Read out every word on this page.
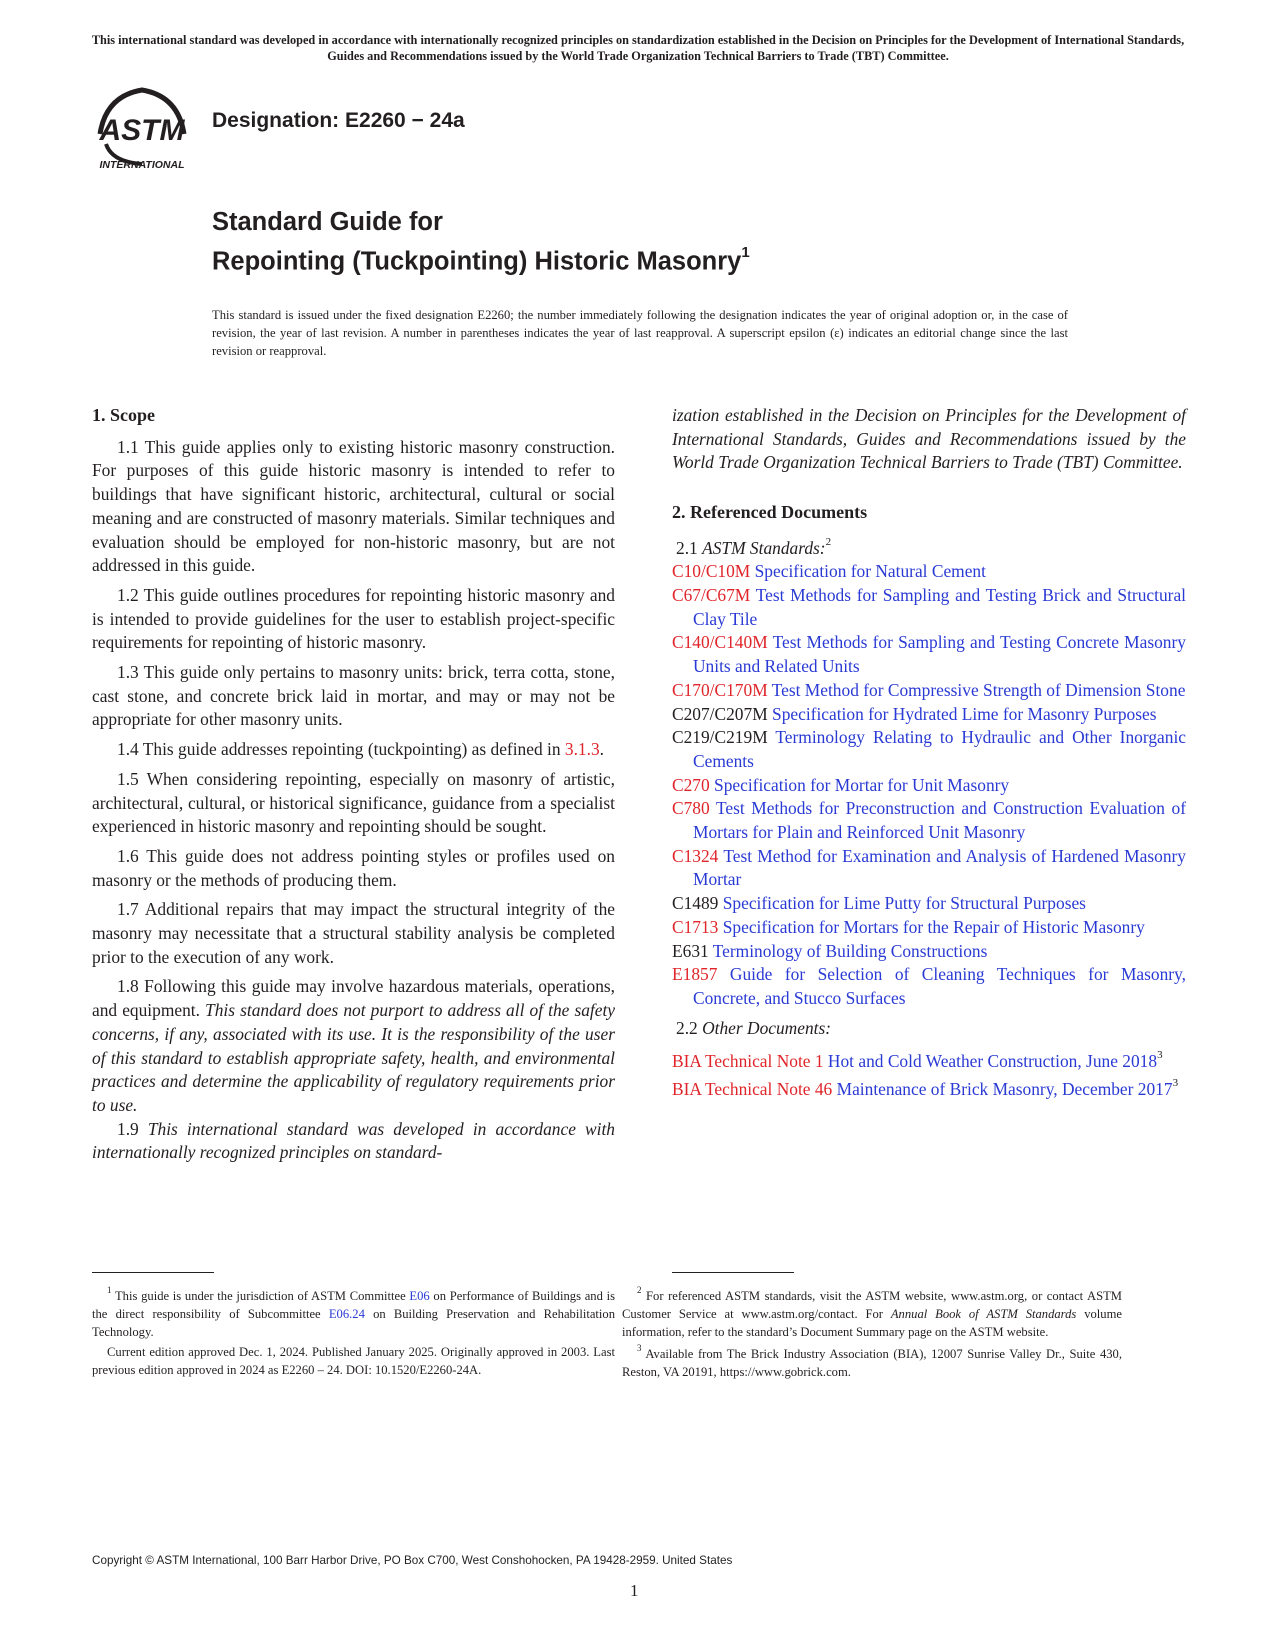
This international standard was developed in accordance with internationally recognized principles on standardization established in the Decision on Principles for the Development of International Standards, Guides and Recommendations issued by the World Trade Organization Technical Barriers to Trade (TBT) Committee.
ASTM
INTERNATIONAL
Designation: E2260 − 24a
Standard Guide for
Repointing (Tuckpointing) Historic Masonry$^1$
This standard is issued under the fixed designation E2260; the number immediately following the designation indicates the year of original adoption or, in the case of revision, the year of last revision. A number in parentheses indicates the year of last reapproval. A superscript epsilon (ε) indicates an editorial change since the last revision or reapproval.
1. Scope

1.1 This guide applies only to existing historic masonry construction. For purposes of this guide historic masonry is intended to refer to buildings that have significant historic, architectural, cultural or social meaning and are constructed of masonry materials. Similar techniques and evaluation should be employed for non-historic masonry, but are not addressed in this guide.

1.2 This guide outlines procedures for repointing historic masonry and is intended to provide guidelines for the user to establish project-specific requirements for repointing of historic masonry.

1.3 This guide only pertains to masonry units: brick, terra cotta, stone, cast stone, and concrete brick laid in mortar, and may or may not be appropriate for other masonry units.

1.4 This guide addresses repointing (tuckpointing) as defined in 3.1.3.

1.5 When considering repointing, especially on masonry of artistic, architectural, cultural, or historical significance, guidance from a specialist experienced in historic masonry and repointing should be sought.

1.6 This guide does not address pointing styles or profiles used on masonry or the methods of producing them.

1.7 Additional repairs that may impact the structural integrity of the masonry may necessitate that a structural stability analysis be completed prior to the execution of any work.

1.8 Following this guide may involve hazardous materials, operations, and equipment. This standard does not purport to address all of the safety concerns, if any, associated with its use. It is the responsibility of the user of this standard to establish appropriate safety, health, and environmental practices and determine the applicability of regulatory requirements prior to use.

1.9 This international standard was developed in accordance with internationally recognized principles on standard-

ization established in the Decision on Principles for the Development of International Standards, Guides and Recommendations issued by the World Trade Organization Technical Barriers to Trade (TBT) Committee.

2. Referenced Documents

2.1 ASTM Standards:$^2$

C10/C10M Specification for Natural Cement

C67/C67M Test Methods for Sampling and Testing Brick and Structural Clay Tile

C140/C140M Test Methods for Sampling and Testing Concrete Masonry Units and Related Units

C170/C170M Test Method for Compressive Strength of Dimension Stone

C207/C207M Specification for Hydrated Lime for Masonry Purposes

C219/C219M Terminology Relating to Hydraulic and Other Inorganic Cements

C270 Specification for Mortar for Unit Masonry

C780 Test Methods for Preconstruction and Construction Evaluation of Mortars for Plain and Reinforced Unit Masonry

C1324 Test Method for Examination and Analysis of Hardened Masonry Mortar

C1489 Specification for Lime Putty for Structural Purposes

C1713 Specification for Mortars for the Repair of Historic Masonry

E631 Terminology of Building Constructions

E1857 Guide for Selection of Cleaning Techniques for Masonry, Concrete, and Stucco Surfaces

2.2 Other Documents:

BIA Technical Note 1 Hot and Cold Weather Construction, June 2018$^3$

BIA Technical Note 46 Maintenance of Brick Masonry, December 2017$^3$

$^1$ This guide is under the jurisdiction of ASTM Committee E06 on Performance of Buildings and is the direct responsibility of Subcommittee E06.24 on Building Preservation and Rehabilitation Technology.

Current edition approved Dec. 1, 2024. Published January 2025. Originally approved in 2003. Last previous edition approved in 2024 as E2260 – 24. DOI: 10.1520/E2260-24A.

$^2$ For referenced ASTM standards, visit the ASTM website, www.astm.org, or contact ASTM Customer Service at www.astm.org/contact. For Annual Book of ASTM Standards volume information, refer to the standard’s Document Summary page on the ASTM website.

$^3$ Available from The Brick Industry Association (BIA), 12007 Sunrise Valley Dr., Suite 430, Reston, VA 20191, https://www.gobrick.com.

Copyright © ASTM International, 100 Barr Harbor Drive, PO Box C700, West Conshohocken, PA 19428-2959. United States
1
